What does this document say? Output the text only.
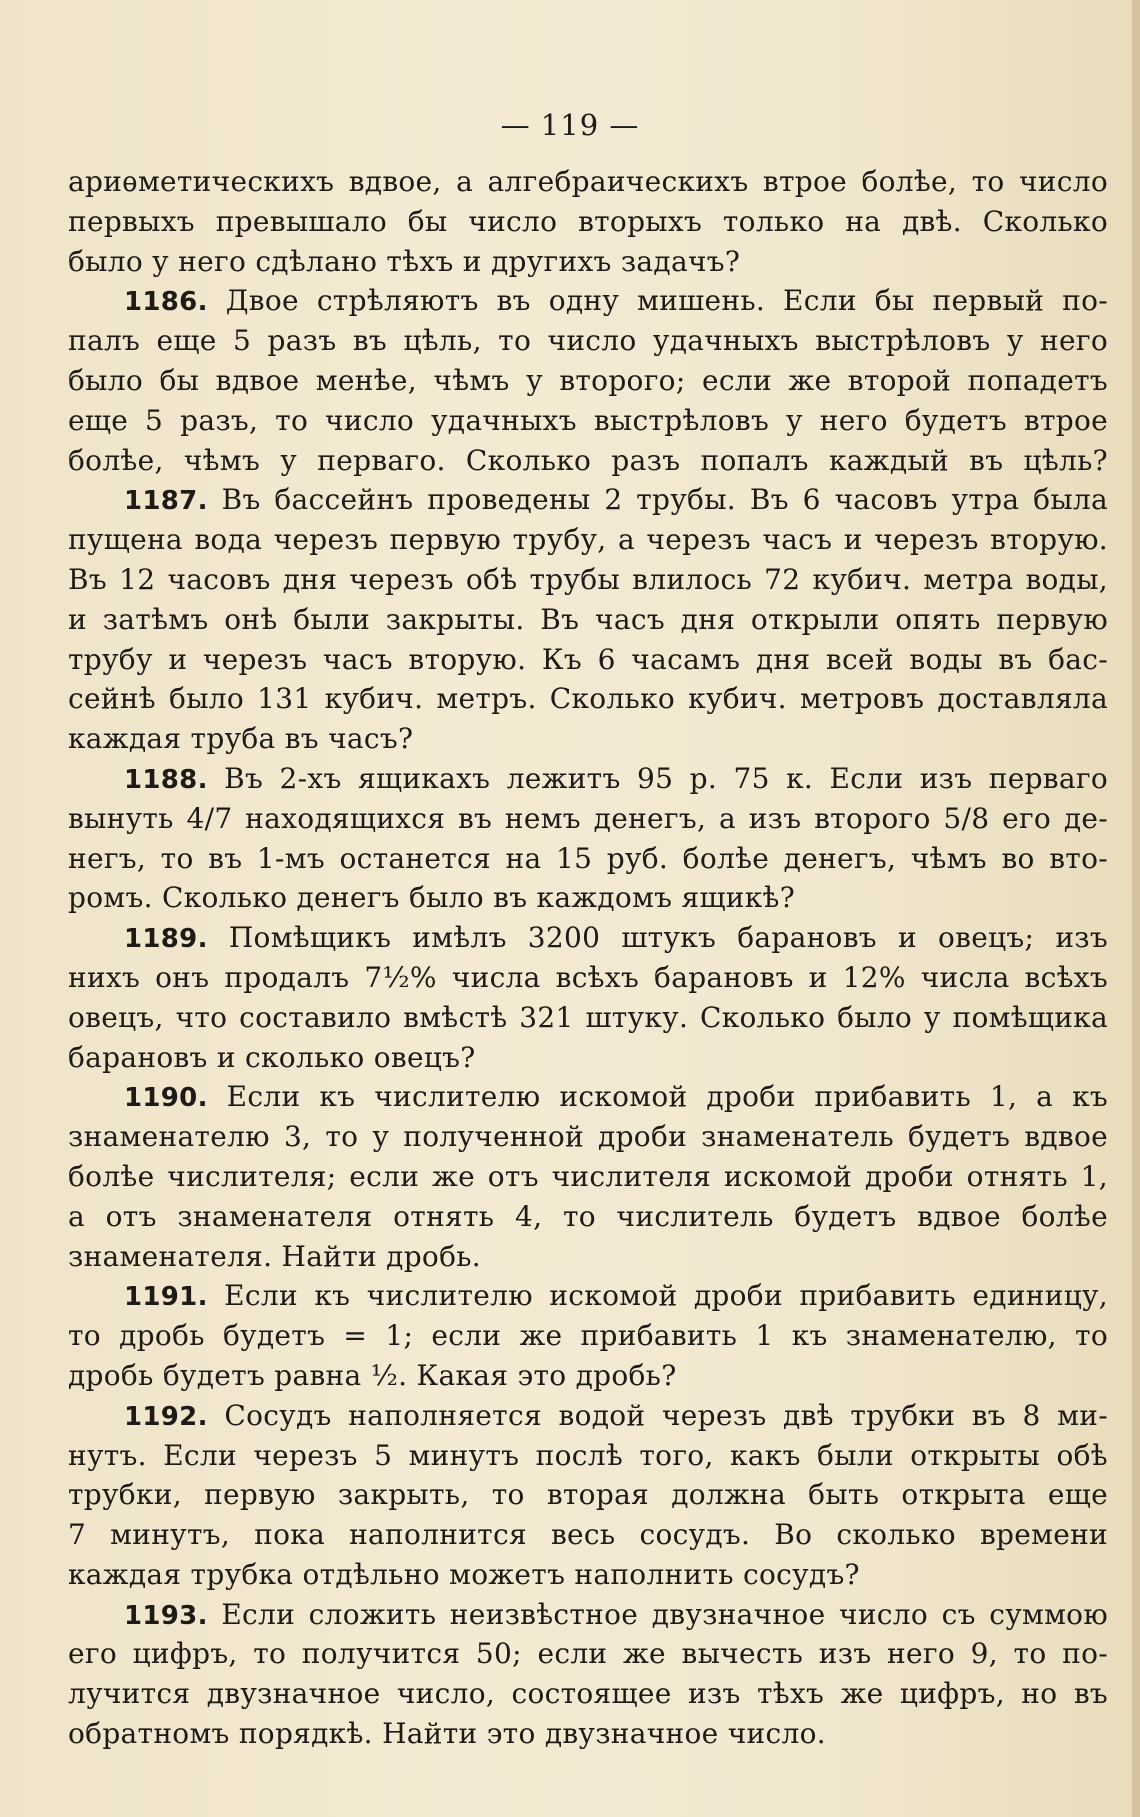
— 119 —
ариѳметическихъ вдвое, а алгебраическихъ втрое болѣе, то число
первыхъ превышало бы число вторыхъ только на двѣ. Сколько
было у него сдѣлано тѣхъ и другихъ задачъ?
1186. Двое стрѣляютъ въ одну мишень. Если бы первый по-
палъ еще 5 разъ въ цѣль, то число удачныхъ выстрѣловъ у него
было бы вдвое менѣе, чѣмъ у второго; если же второй попадетъ
еще 5 разъ, то число удачныхъ выстрѣловъ у него будетъ втрое
болѣе, чѣмъ у перваго. Сколько разъ попалъ каждый въ цѣль?
1187. Въ бассейнъ проведены 2 трубы. Въ 6 часовъ утра была
пущена вода черезъ первую трубу, а черезъ часъ и черезъ вторую.
Въ 12 часовъ дня черезъ обѣ трубы влилось 72 кубич. метра воды,
и затѣмъ онѣ были закрыты. Въ часъ дня открыли опять первую
трубу и черезъ часъ вторую. Къ 6 часамъ дня всей воды въ бас-
сейнѣ было 131 кубич. метръ. Сколько кубич. метровъ доставляла
каждая труба въ часъ?
1188. Въ 2-хъ ящикахъ лежитъ 95 р. 75 к. Если изъ перваго
вынуть 4/7 находящихся въ немъ денегъ, а изъ второго 5/8 его де-
негъ, то въ 1-мъ останется на 15 руб. болѣе денегъ, чѣмъ во вто-
ромъ. Сколько денегъ было въ каждомъ ящикѣ?
1189. Помѣщикъ имѣлъ 3200 штукъ барановъ и овецъ; изъ
нихъ онъ продалъ 7½% числа всѣхъ барановъ и 12% числа всѣхъ
овецъ, что составило вмѣстѣ 321 штуку. Сколько было у помѣщика
барановъ и сколько овецъ?
1190. Если къ числителю искомой дроби прибавить 1, а къ
знаменателю 3, то у полученной дроби знаменатель будетъ вдвое
болѣе числителя; если же отъ числителя искомой дроби отнять 1,
а отъ знаменателя отнять 4, то числитель будетъ вдвое болѣе
знаменателя. Найти дробь.
1191. Если къ числителю искомой дроби прибавить единицу,
то дробь будетъ = 1; если же прибавить 1 къ знаменателю, то
дробь будетъ равна ½. Какая это дробь?
1192. Сосудъ наполняется водой черезъ двѣ трубки въ 8 ми-
нутъ. Если черезъ 5 минутъ послѣ того, какъ были открыты обѣ
трубки, первую закрыть, то вторая должна быть открыта еще
7 минутъ, пока наполнится весь сосудъ. Во сколько времени
каждая трубка отдѣльно можетъ наполнить сосудъ?
1193. Если сложить неизвѣстное двузначное число съ суммою
его цифръ, то получится 50; если же вычесть изъ него 9, то по-
лучится двузначное число, состоящее изъ тѣхъ же цифръ, но въ
обратномъ порядкѣ. Найти это двузначное число.
